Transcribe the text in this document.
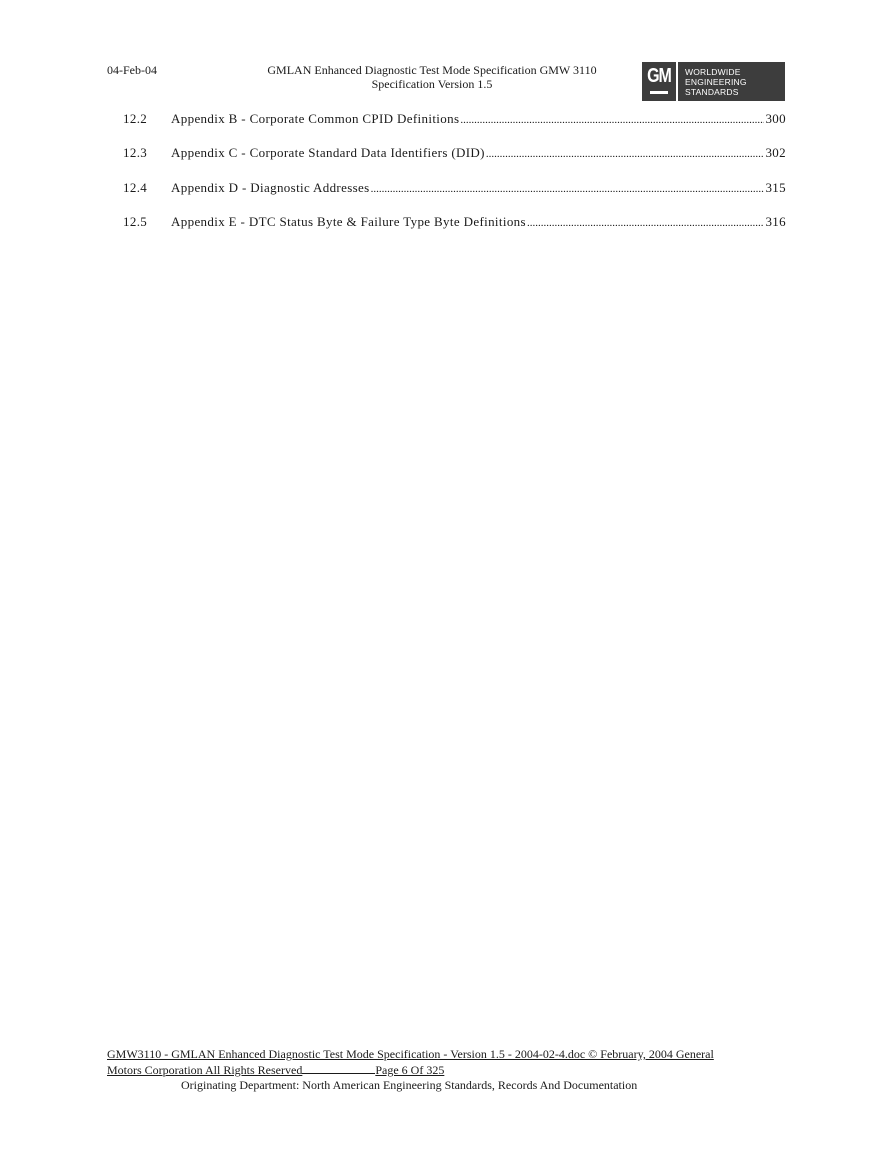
04-Feb-04	GMLAN Enhanced Diagnostic Test Mode Specification GMW 3110
Specification Version 1.5	GM	WORLDWIDE
ENGINEERING
STANDARDS
12.2	Appendix B - Corporate Common CPID Definitions .....	300
12.3	Appendix C - Corporate Standard Data Identifiers (DID) .....	302
12.4	Appendix D - Diagnostic Addresses .....	315
12.5	Appendix E - DTC Status Byte & Failure Type Byte Definitions .....	316
GMW3110 - GMLAN Enhanced Diagnostic Test Mode Specification - Version 1.5 - 2004-02-4.doc © February, 2004 General
Motors Corporation All Rights Reserved	Page 6 Of 325
Originating Department: North American Engineering Standards, Records And Documentation
